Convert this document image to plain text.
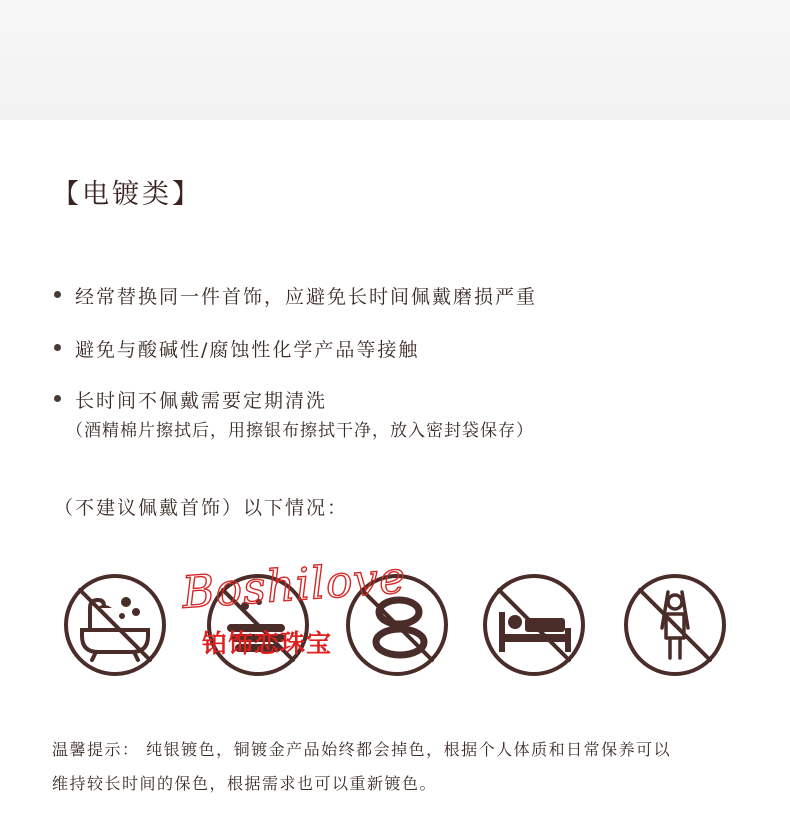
【电镀类】
经常替换同一件首饰，应避免长时间佩戴磨损严重
避免与酸碱性/腐蚀性化学产品等接触
长时间不佩戴需要定期清洗
（酒精棉片擦拭后，用擦银布擦拭干净，放入密封袋保存）
（不建议佩戴首饰）以下情况：
Boshilove
铂饰恋珠宝
温馨提示： 纯银镀色，铜镀金产品始终都会掉色，根据个人体质和日常保养可以
维持较长时间的保色，根据需求也可以重新镀色。
